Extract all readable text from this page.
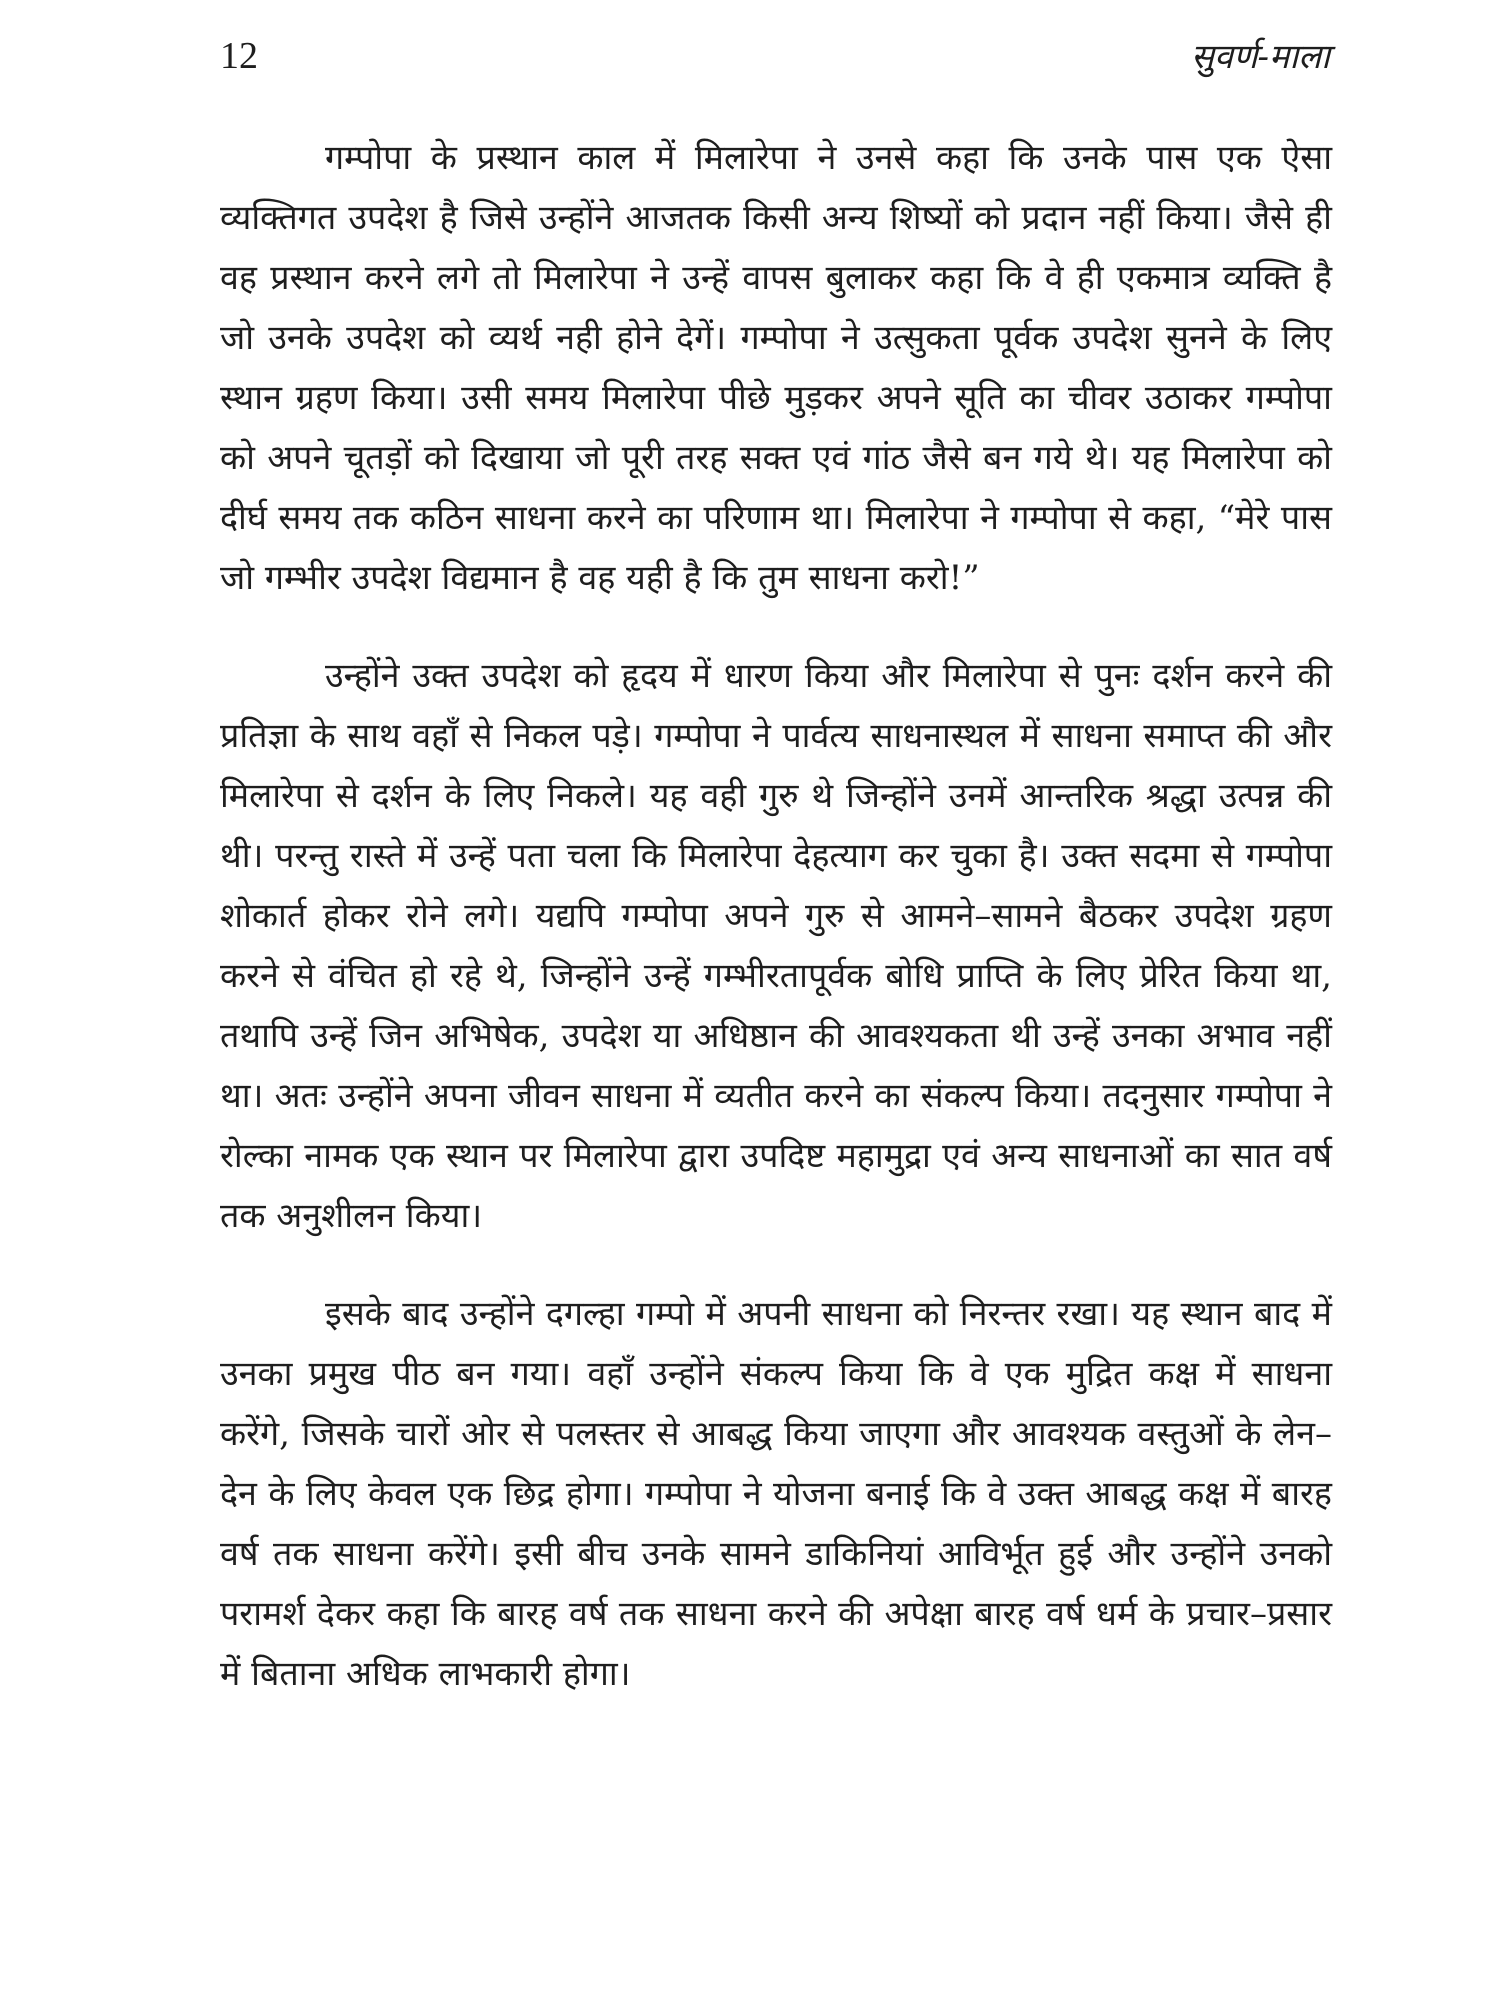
12	सुवर्ण-माला

गम्पोपा के प्रस्थान काल में मिलारेपा ने उनसे कहा कि उनके पास एक ऐसा व्यक्तिगत उपदेश है जिसे उन्होंने आजतक किसी अन्य शिष्यों को प्रदान नहीं किया। जैसे ही वह प्रस्थान करने लगे तो मिलारेपा ने उन्हें वापस बुलाकर कहा कि वे ही एकमात्र व्यक्ति है जो उनके उपदेश को व्यर्थ नही होने देगें। गम्पोपा ने उत्सुकता पूर्वक उपदेश सुनने के लिए स्थान ग्रहण किया। उसी समय मिलारेपा पीछे मुड़कर अपने सूति का चीवर उठाकर गम्पोपा को अपने चूतड़ों को दिखाया जो पूरी तरह सक्त एवं गांठ जैसे बन गये थे। यह मिलारेपा को दीर्घ समय तक कठिन साधना करने का परिणाम था। मिलारेपा ने गम्पोपा से कहा, “मेरे पास जो गम्भीर उपदेश विद्यमान है वह यही है कि तुम साधना करो!”

उन्होंने उक्त उपदेश को हृदय में धारण किया और मिलारेपा से पुनः दर्शन करने की प्रतिज्ञा के साथ वहाँ से निकल पड़े। गम्पोपा ने पार्वत्य साधनास्थल में साधना समाप्त की और मिलारेपा से दर्शन के लिए निकले। यह वही गुरु थे जिन्होंने उनमें आन्तरिक श्रद्धा उत्पन्न की थी। परन्तु रास्ते में उन्हें पता चला कि मिलारेपा देहत्याग कर चुका है। उक्त सदमा से गम्पोपा शोकार्त होकर रोने लगे। यद्यपि गम्पोपा अपने गुरु से आमने–सामने बैठकर उपदेश ग्रहण करने से वंचित हो रहे थे, जिन्होंने उन्हें गम्भीरतापूर्वक बोधि प्राप्ति के लिए प्रेरित किया था, तथापि उन्हें जिन अभिषेक, उपदेश या अधिष्ठान की आवश्यकता थी उन्हें उनका अभाव नहीं था। अतः उन्होंने अपना जीवन साधना में व्यतीत करने का संकल्प किया। तदनुसार गम्पोपा ने रोल्का नामक एक स्थान पर मिलारेपा द्वारा उपदिष्ट महामुद्रा एवं अन्य साधनाओं का सात वर्ष तक अनुशीलन किया।

इसके बाद उन्होंने दगल्हा गम्पो में अपनी साधना को निरन्तर रखा। यह स्थान बाद में उनका प्रमुख पीठ बन गया। वहाँ उन्होंने संकल्प किया कि वे एक मुद्रित कक्ष में साधना करेंगे, जिसके चारों ओर से पलस्तर से आबद्ध किया जाएगा और आवश्यक वस्तुओं के लेन–देन के लिए केवल एक छिद्र होगा। गम्पोपा ने योजना बनाई कि वे उक्त आबद्ध कक्ष में बारह वर्ष तक साधना करेंगे। इसी बीच उनके सामने डाकिनियां आविर्भूत हुई और उन्होंने उनको परामर्श देकर कहा कि बारह वर्ष तक साधना करने की अपेक्षा बारह वर्ष धर्म के प्रचार–प्रसार में बिताना अधिक लाभकारी होगा।
